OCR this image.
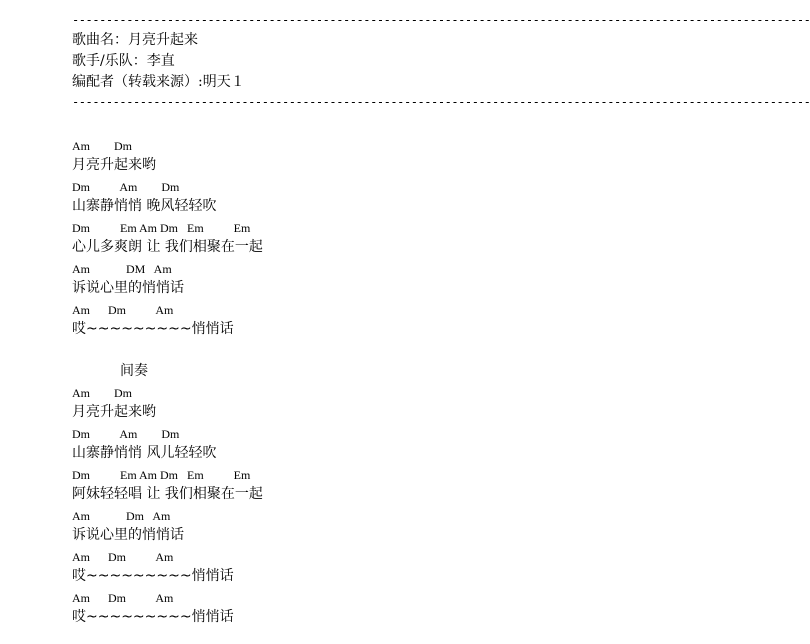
-------------------------------------------------------------------------------------------------------------
歌曲名：月亮升起来
歌手/乐队：李直
编配者（转载来源）:明天１
-------------------------------------------------------------------------------------------------------------
Am        Dm
月亮升起来哟
Dm          Am        Dm
山寨静悄悄 晚风轻轻吹
Dm          Em Am Dm   Em          Em
心儿多爽朗 让 我们相聚在一起
Am            DM   Am
诉说心里的悄悄话
Am      Dm          Am
哎~~~~~~~~~悄悄话
间奏
Am        Dm
月亮升起来哟
Dm          Am        Dm
山寨静悄悄 风儿轻轻吹
Dm          Em Am Dm   Em          Em
阿妹轻轻唱 让 我们相聚在一起
Am            Dm   Am
诉说心里的悄悄话
Am      Dm          Am
哎~~~~~~~~~悄悄话
Am      Dm          Am
哎~~~~~~~~~悄悄话
